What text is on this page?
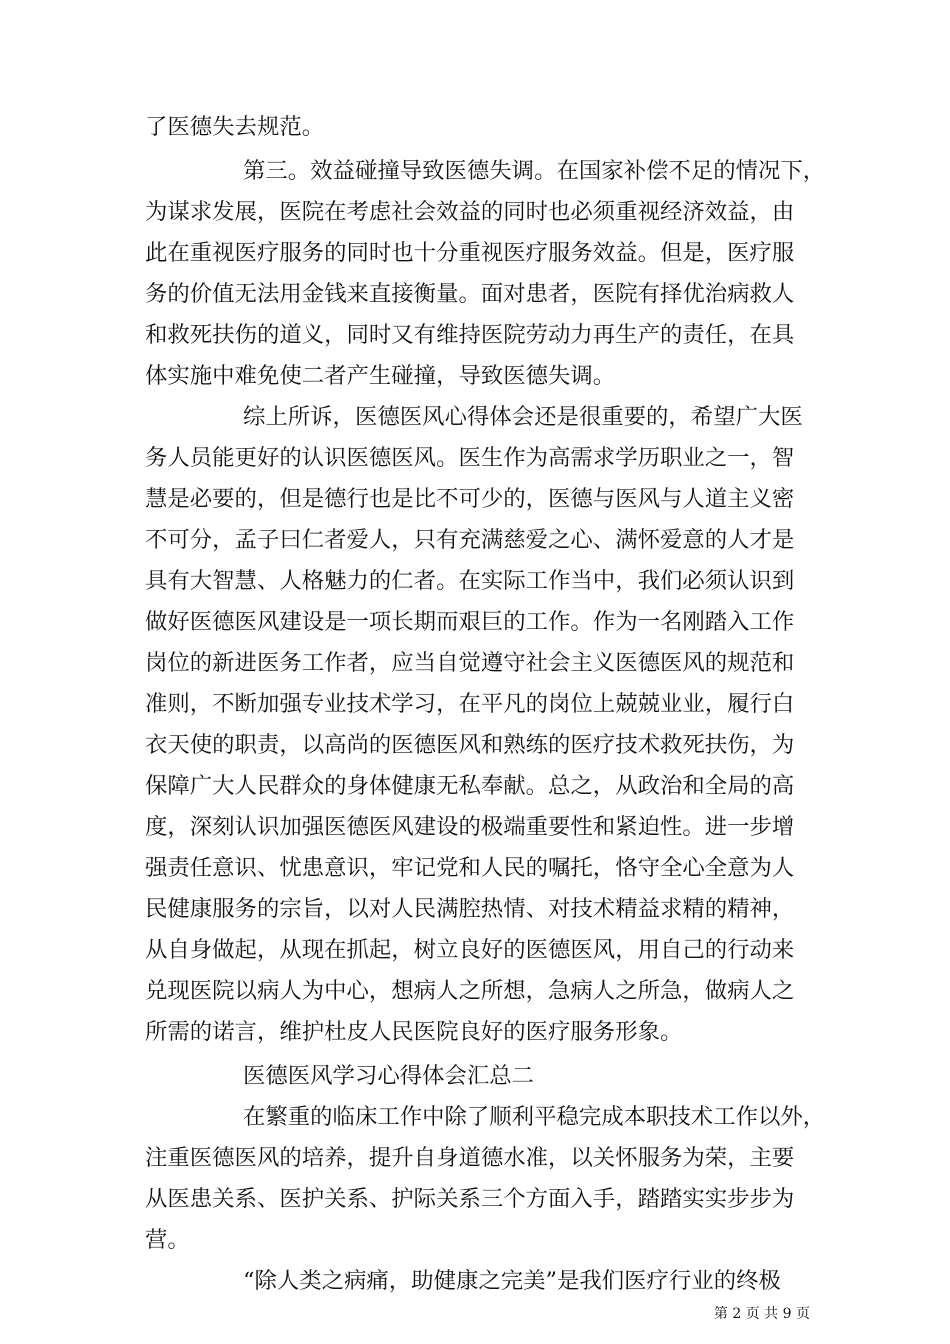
了医德失去规范。
第三。效益碰撞导致医德失调。在国家补偿不足的情况下，
为谋求发展，医院在考虑社会效益的同时也必须重视经济效益，由
此在重视医疗服务的同时也十分重视医疗服务效益。但是，医疗服
务的价值无法用金钱来直接衡量。面对患者，医院有择优治病救人
和救死扶伤的道义，同时又有维持医院劳动力再生产的责任，在具
体实施中难免使二者产生碰撞，导致医德失调。
综上所诉，医德医风心得体会还是很重要的，希望广大医
务人员能更好的认识医德医风。医生作为高需求学历职业之一，智
慧是必要的，但是德行也是比不可少的，医德与医风与人道主义密
不可分，孟子曰仁者爱人，只有充满慈爱之心、满怀爱意的人才是
具有大智慧、人格魅力的仁者。在实际工作当中，我们必须认识到
做好医德医风建设是一项长期而艰巨的工作。作为一名刚踏入工作
岗位的新进医务工作者，应当自觉遵守社会主义医德医风的规范和
准则，不断加强专业技术学习，在平凡的岗位上兢兢业业，履行白
衣天使的职责，以高尚的医德医风和熟练的医疗技术救死扶伤，为
保障广大人民群众的身体健康无私奉献。总之，从政治和全局的高
度，深刻认识加强医德医风建设的极端重要性和紧迫性。进一步增
强责任意识、忧患意识，牢记党和人民的嘱托，恪守全心全意为人
民健康服务的宗旨，以对人民满腔热情、对技术精益求精的精神，
从自身做起，从现在抓起，树立良好的医德医风，用自己的行动来
兑现医院以病人为中心，想病人之所想，急病人之所急，做病人之
所需的诺言，维护杜皮人民医院良好的医疗服务形象。
医德医风学习心得体会汇总二
在繁重的临床工作中除了顺利平稳完成本职技术工作以外，
注重医德医风的培养，提升自身道德水准，以关怀服务为荣，主要
从医患关系、医护关系、护际关系三个方面入手，踏踏实实步步为
营。
“除人类之病痛，助健康之完美”是我们医疗行业的终极
第 2 页 共 9 页
